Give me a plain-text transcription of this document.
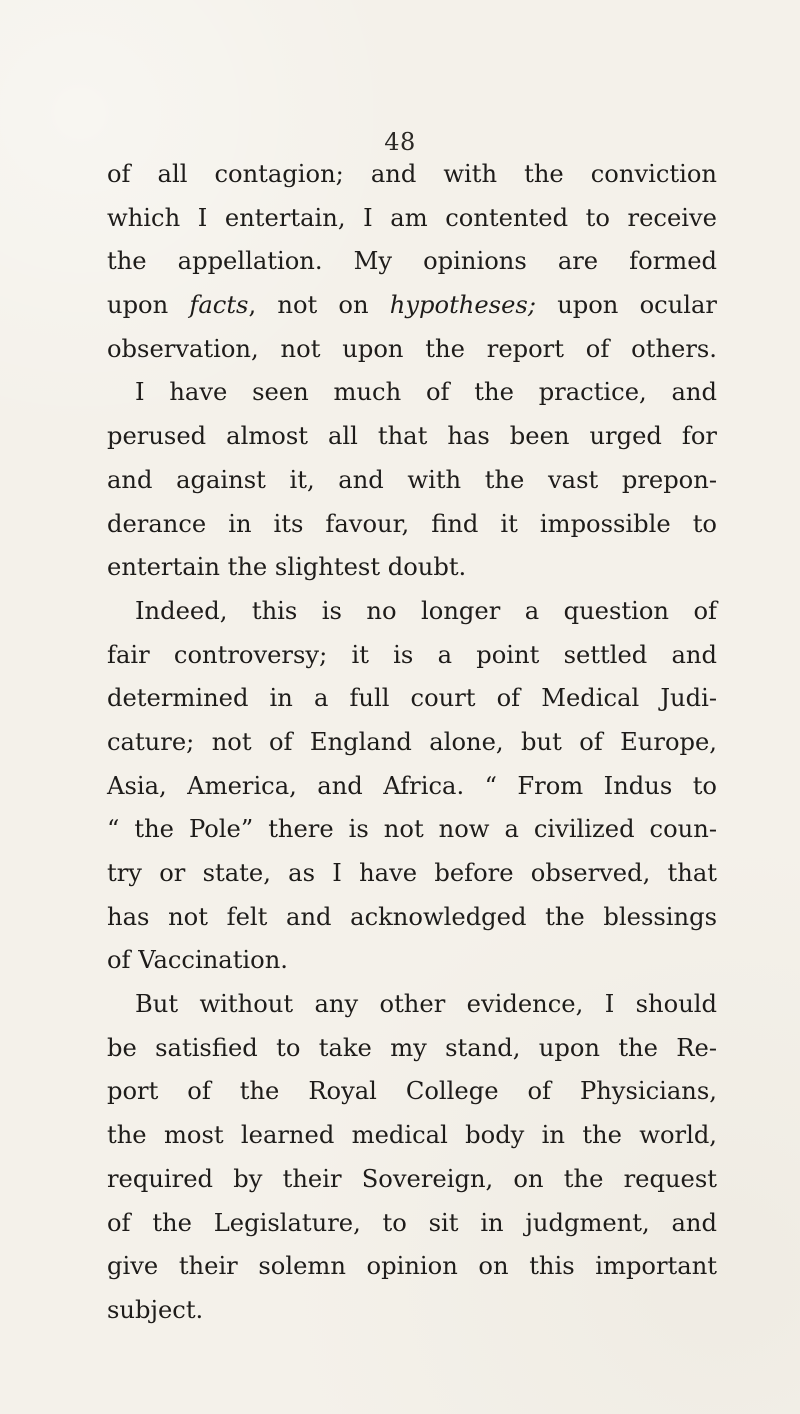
48
of all contagion; and with the conviction
which I entertain, I am contented to receive
the appellation. My opinions are formed
upon facts, not on hypotheses; upon ocular
observation, not upon the report of others.
I have seen much of the practice, and
perused almost all that has been urged for
and against it, and with the vast prepon-
derance in its favour, find it impossible to
entertain the slightest doubt.
Indeed, this is no longer a question of
fair controversy; it is a point settled and
determined in a full court of Medical Judi-
cature; not of England alone, but of Europe,
Asia, America, and Africa. “ From Indus to
“ the Pole” there is not now a civilized coun-
try or state, as I have before observed, that
has not felt and acknowledged the blessings
of Vaccination.
But without any other evidence, I should
be satisfied to take my stand, upon the Re-
port of the Royal College of Physicians,
the most learned medical body in the world,
required by their Sovereign, on the request
of the Legislature, to sit in judgment, and
give their solemn opinion on this important
subject.
